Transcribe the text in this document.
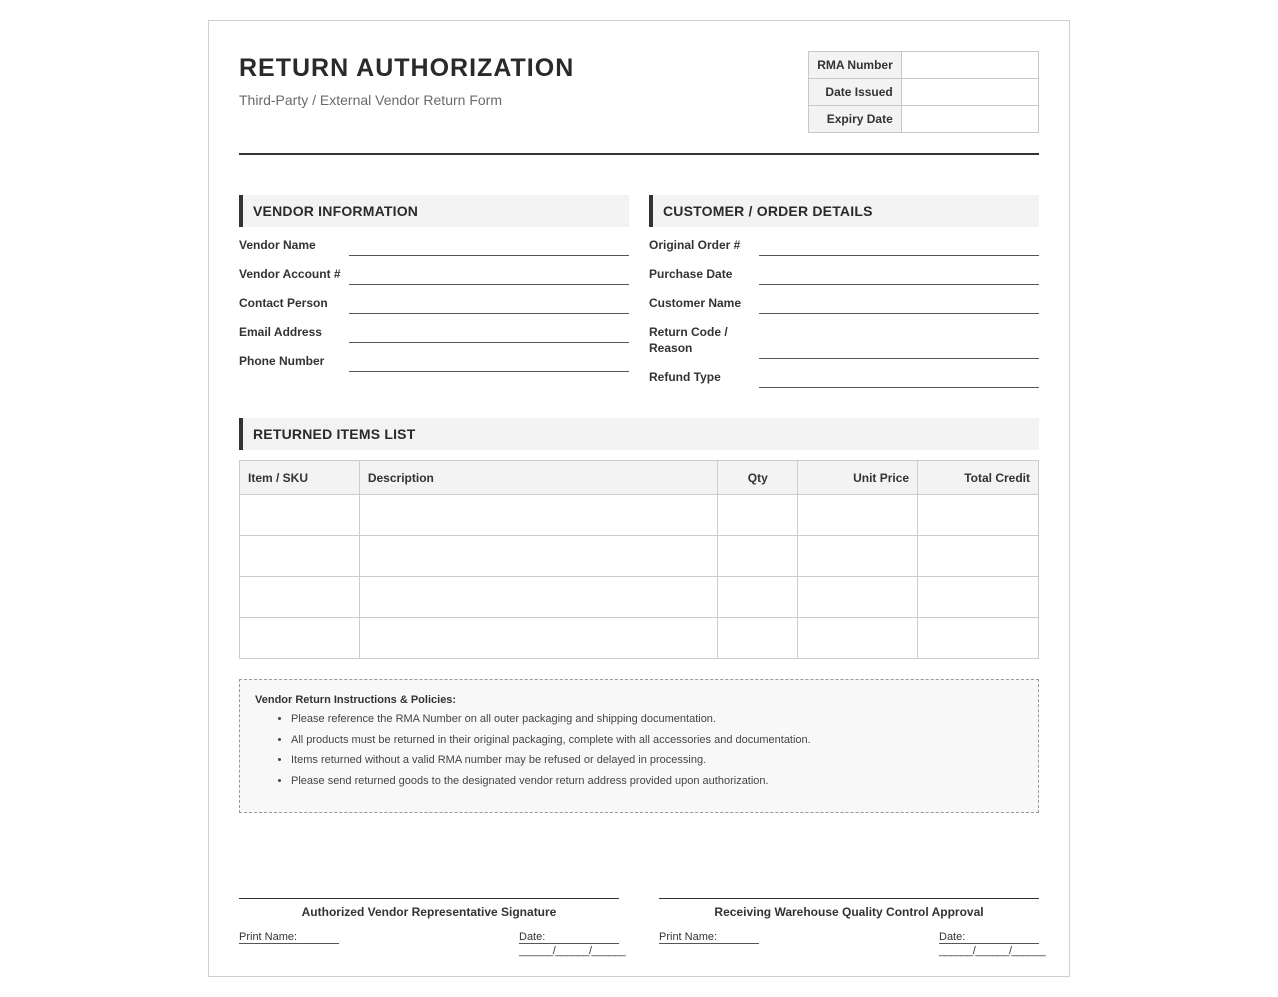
RETURN AUTHORIZATION
Third-Party / External Vendor Return Form
RMA Number	
Date Issued	
Expiry Date	
VENDOR INFORMATION
Vendor Name
Vendor Account #
Contact Person
Email Address
Phone Number
CUSTOMER / ORDER DETAILS
Original Order #
Purchase Date
Customer Name
Return Code / Reason
Refund Type
RETURNED ITEMS LIST
Item / SKU	Description	Qty	Unit Price	Total Credit

Vendor Return Instructions & Policies:
• Please reference the RMA Number on all outer packaging and shipping documentation.
• All products must be returned in their original packaging, complete with all accessories and documentation.
• Items returned without a valid RMA number may be refused or delayed in processing.
• Please send returned goods to the designated vendor return address provided upon authorization.
Authorized Vendor Representative Signature
Print Name:	Date:
______/______/______
Receiving Warehouse Quality Control Approval
Print Name:	Date:
______/______/______
